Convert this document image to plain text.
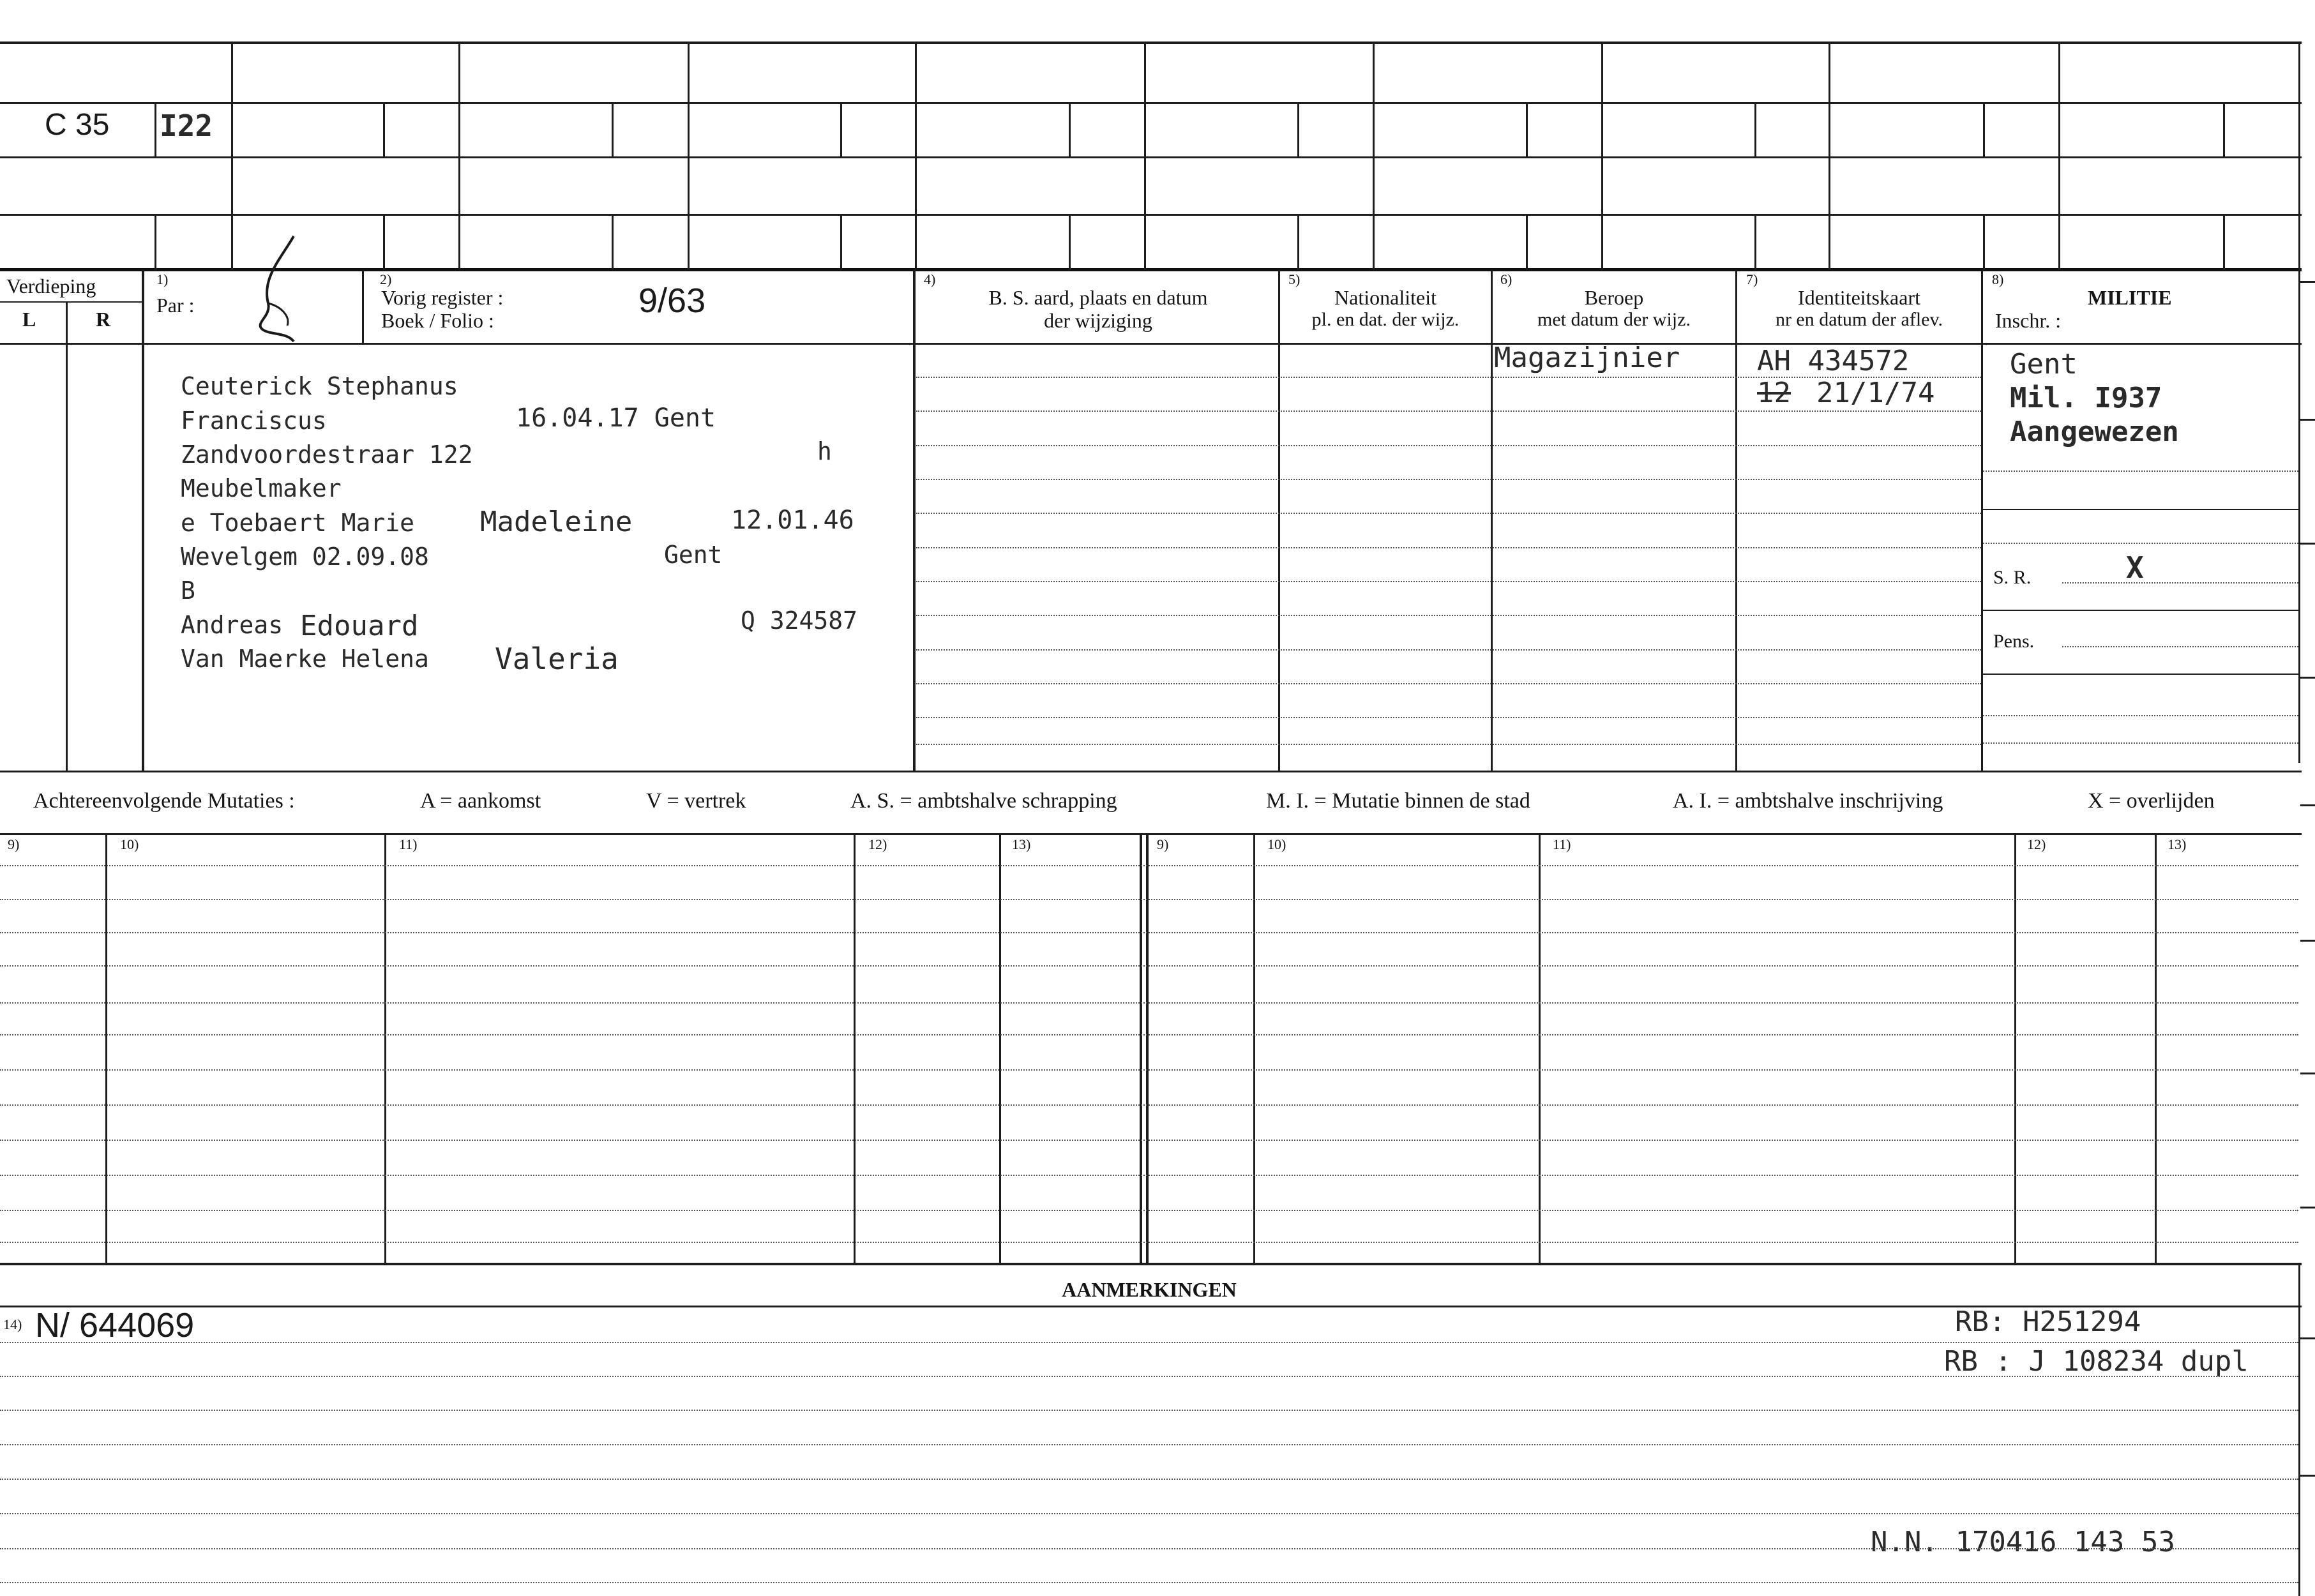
C 35 I22
Verdieping
L	R
1)
Par :
2)
Vorig register :
Boek / Folio :
9/63
4)
B. S. aard, plaats en datum
der wijziging
5)
Nationaliteit
pl. en dat. der wijz.
6)
Beroep
met datum der wijz.
7)
Identiteitskaart
nr en datum der aflev.
8)
MILITIE
Inschr. :
Ceuterick Stephanus
Franciscus	16.04.17 Gent
Zandvoordestraar 122	h
Meubelmaker
e Toebaert Marie Madeleine	12.01.46
Wevelgem 02.09.08	Gent
B
Andreas Edouard	Q 324587
Van Maerke Helena Valeria
Magazijnier	AH 434572
12 21/1/74
Gent
Mil. I937
Aangewezen
S. R.	X
Pens.
Achtereenvolgende Mutaties :	A = aankomst	V = vertrek	A. S. = ambtshalve schrapping	M. I. = Mutatie binnen de stad	A. I. = ambtshalve inschrijving	X = overlijden
9)	10)	11)	12)	13)	9)	10)	11)	12)	13)
AANMERKINGEN
14) N/ 644069	RB: H251294
RB : J 108234 dupl
N.N. 170416 143 53
